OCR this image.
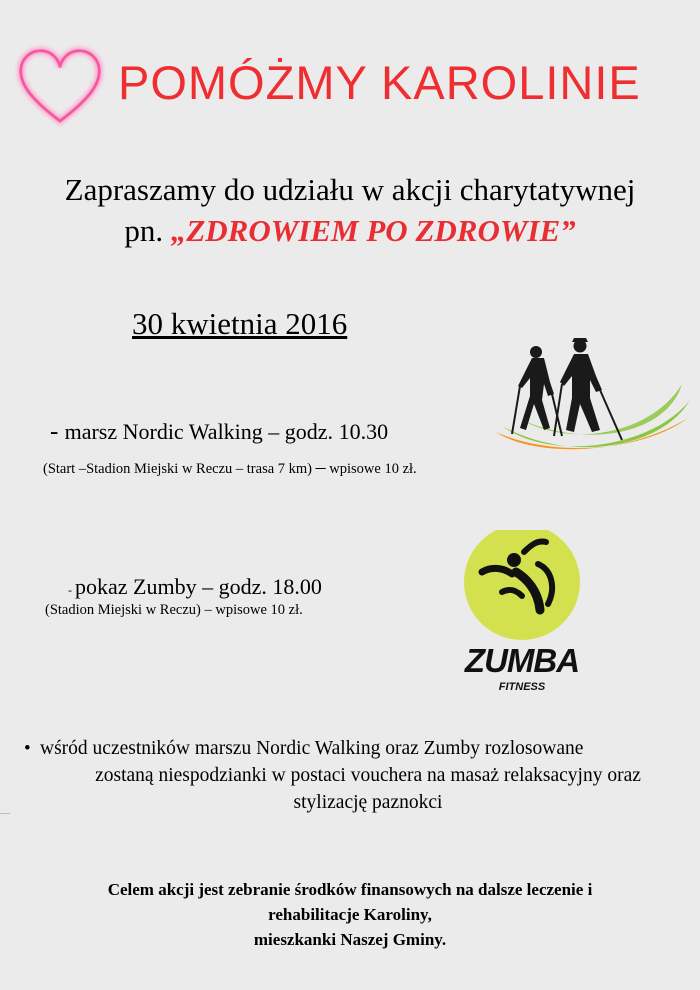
POMÓŻMY KAROLINIE
Zapraszamy do udziału w akcji charytatywnej
pn. „ZDROWIEM PO ZDROWIE”
30 kwietnia 2016
- marsz Nordic Walking – godz. 10.30
(Start –Stadion Miejski w Reczu – trasa 7 km) – wpisowe 10 zł.
ZUMBA
FITNESS
- pokaz Zumby – godz. 18.00
(Stadion Miejski w Reczu) – wpisowe 10 zł.
• wśród uczestników marszu Nordic Walking oraz Zumby rozlosowane
zostaną niespodzianki w postaci vouchera na masaż relaksacyjny oraz
stylizację paznokci
Celem akcji jest zebranie środków finansowych na dalsze leczenie i
rehabilitacje Karoliny,
mieszkanki Naszej Gminy.
